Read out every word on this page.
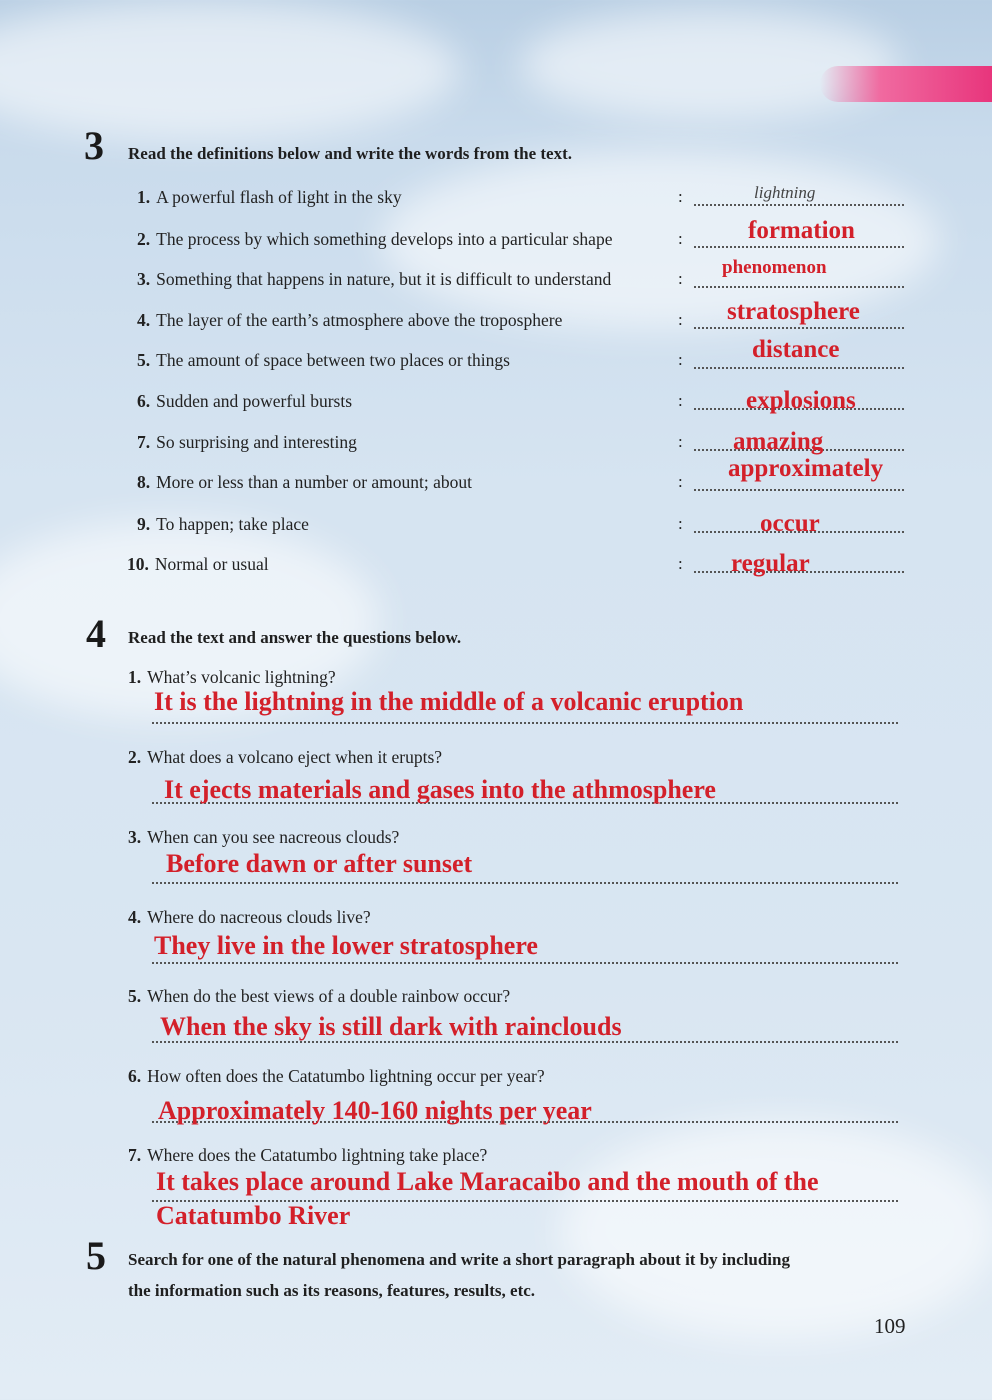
3 Read the definitions below and write the words from the text.
1. A powerful flash of light in the sky	:	lightning
2. The process by which something develops into a particular shape	:	formation
3. Something that happens in nature, but it is difficult to understand	:
phenomenon
4. The layer of the earth’s atmosphere above the troposphere	: stratosphere
5. The amount of space between two places or things	:	distance
6. Sudden and powerful bursts	:	explosions
7. So surprising and interesting	: amazing
8. More or less than a number or amount; about	: approximately
9. To happen; take place	:	occur
10. Normal or usual	: regular
4 Read the text and answer the questions below.
1. What’s volcanic lightning?
It is the lightning in the middle of a volcanic eruption
2. What does a volcano eject when it erupts?
It ejects materials and gases into the athmosphere
3. When can you see nacreous clouds?
Before dawn or after sunset
4. Where do nacreous clouds live?
They live in the lower stratosphere
5. When do the best views of a double rainbow occur?
When the sky is still dark with rainclouds
6. How often does the Catatumbo lightning occur per year?
Approximately 140-160 nights per year
7. Where does the Catatumbo lightning take place?
It takes place around Lake Maracaibo and the mouth of the
Catatumbo River
5 Search for one of the natural phenomena and write a short paragraph about it by including
the information such as its reasons, features, results, etc.
109
